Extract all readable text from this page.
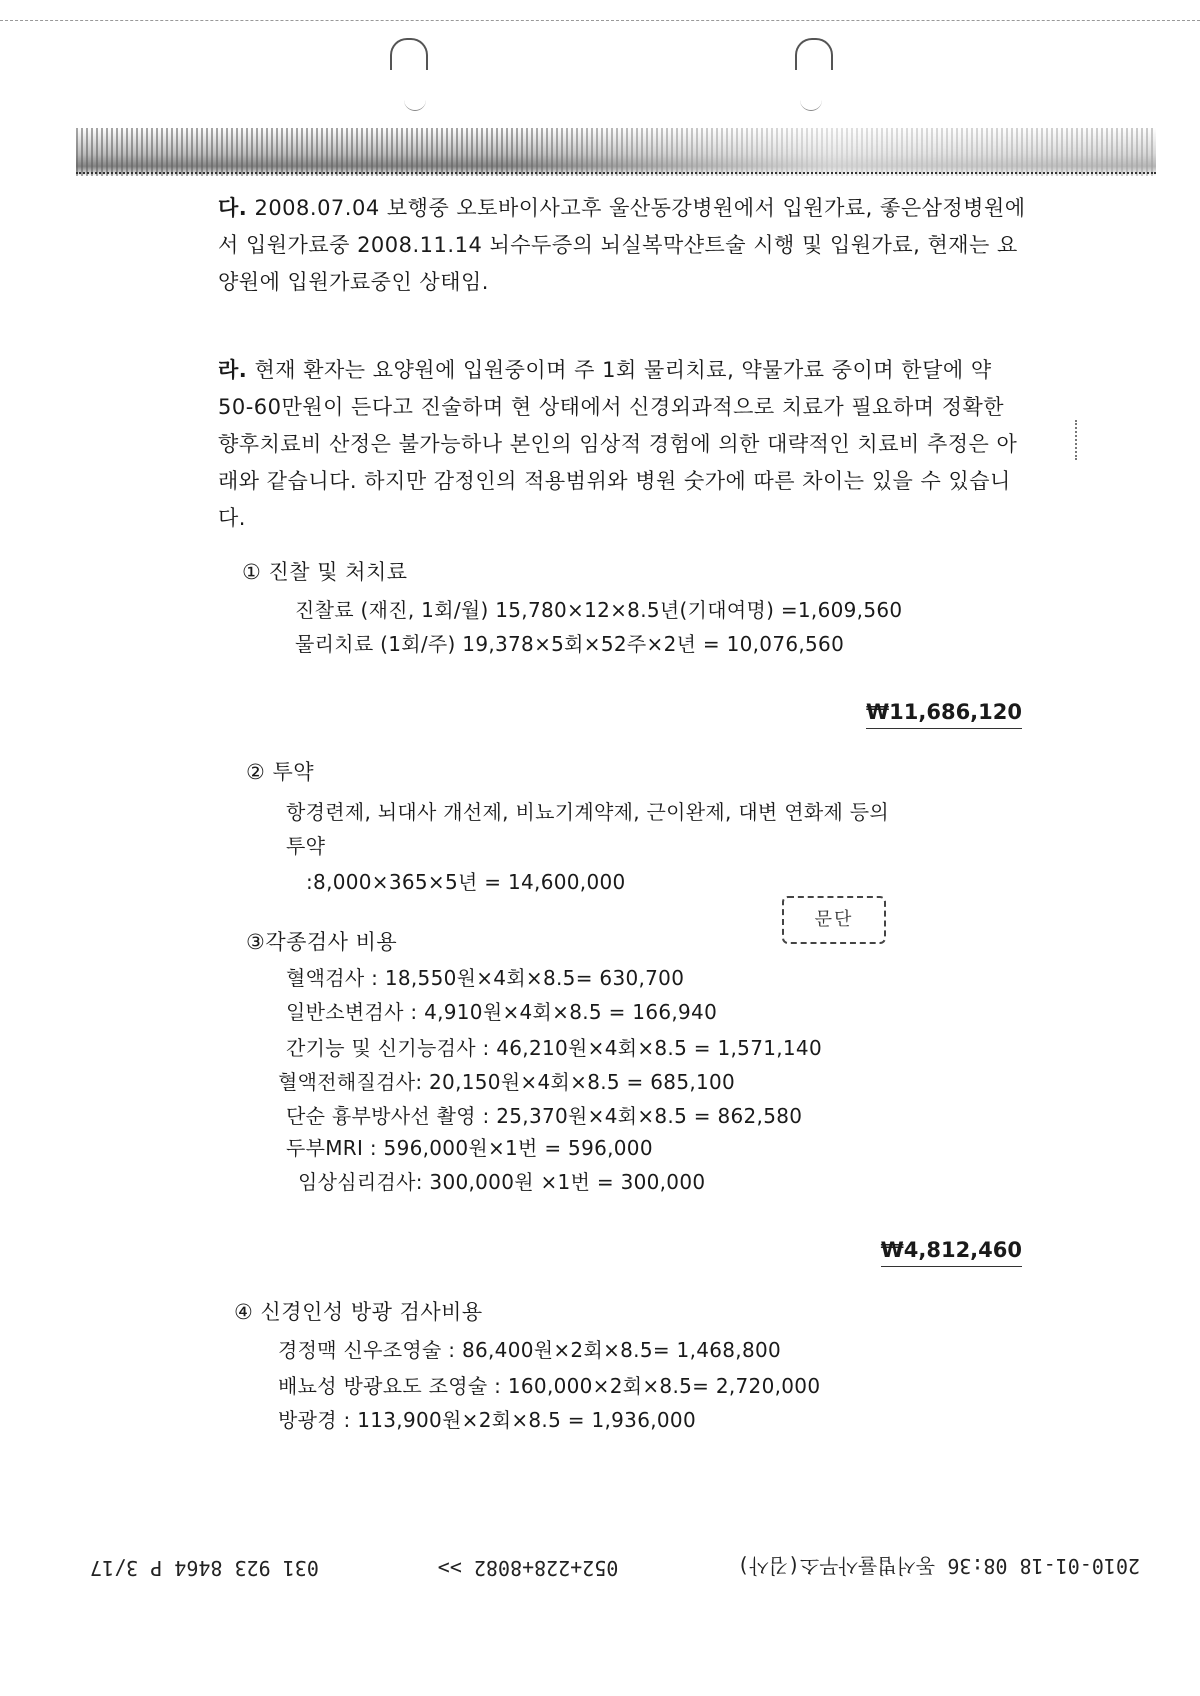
다. 2008.07.04 보행중 오토바이사고후 울산동강병원에서 입원가료, 좋은삼정병원에서 입원가료중 2008.11.14 뇌수두증의 뇌실복막샨트술 시행 및 입원가료, 현재는 요양원에 입원가료중인 상태임.
라. 현재 환자는 요양원에 입원중이며 주 1회 물리치료, 약물가료 중이며 한달에 약 50-60만원이 든다고 진술하며 현 상태에서 신경외과적으로 치료가 필요하며 정확한 향후치료비 산정은 불가능하나 본인의 임상적 경험에 의한 대략적인 치료비 추정은 아래와 같습니다. 하지만 감정인의 적용범위와 병원 숫가에 따른 차이는 있을 수 있습니다.
① 진찰 및 처치료
진찰료 (재진, 1회/월) 15,780×12×8.5년(기대여명) =1,609,560
물리치료 (1회/주) 19,378×5회×52주×2년 = 10,076,560
₩11,686,120
② 투약
항경련제, 뇌대사 개선제, 비뇨기계약제, 근이완제, 대변 연화제 등의
투약
:8,000×365×5년 = 14,600,000
③각종검사 비용
문단
혈액검사 : 18,550원×4회×8.5= 630,700
일반소변검사 : 4,910원×4회×8.5 = 166,940
간기능 및 신기능검사 : 46,210원×4회×8.5 = 1,571,140
혈액전해질검사: 20,150원×4회×8.5 = 685,100
단순 흉부방사선 촬영 : 25,370원×4회×8.5 = 862,580
두부MRI : 596,000원×1번 = 596,000
임상심리검사: 300,000원 ×1번 = 300,000
₩4,812,460
④ 신경인성 방광 검사비용
경정맥 신우조영술 : 86,400원×2회×8.5= 1,468,800
배뇨성 방광요도 조영술 : 160,000×2회×8.5= 2,720,000
방광경 : 113,900원×2회×8.5 = 1,936,000
2010-01-18 08:36 동서법률사무소(김사)
052+228+8082 >>
031 923 8464 P 3/17
